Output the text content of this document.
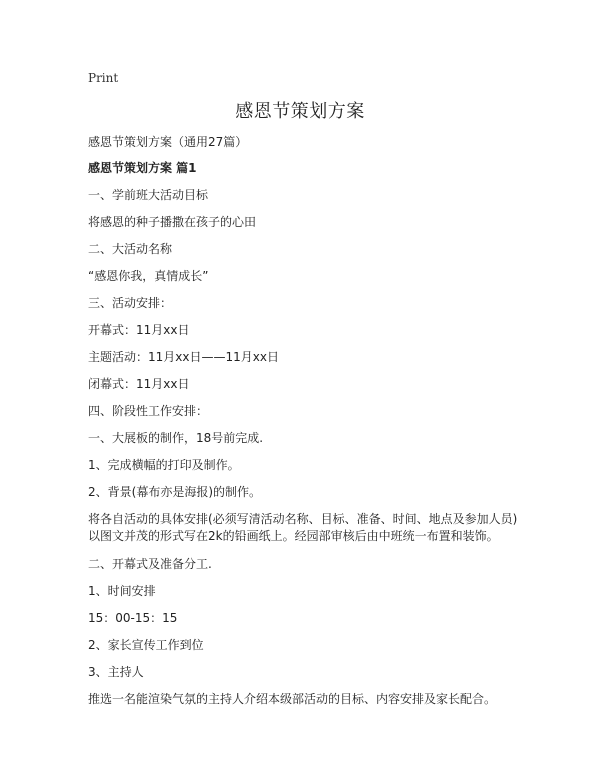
Print
感恩节策划方案
感恩节策划方案（通用27篇）
感恩节策划方案 篇1
一、学前班大活动目标
将感恩的种子播撒在孩子的心田
二、大活动名称
“感恩你我，真情成长”
三、活动安排：
开幕式：11月xx日
主题活动：11月xx日——11月xx日
闭幕式：11月xx日
四、阶段性工作安排：
一、大展板的制作，18号前完成.
1、完成横幅的打印及制作。
2、背景(幕布亦是海报)的制作。
将各自活动的具体安排(必须写清活动名称、目标、准备、时间、地点及参加人员)
以图文并茂的形式写在2k的铅画纸上。经园部审核后由中班统一布置和装饰。
二、开幕式及准备分工.
1、时间安排
15：00-15：15
2、家长宣传工作到位
3、主持人
推选一名能渲染气氛的主持人介绍本级部活动的目标、内容安排及家长配合。
